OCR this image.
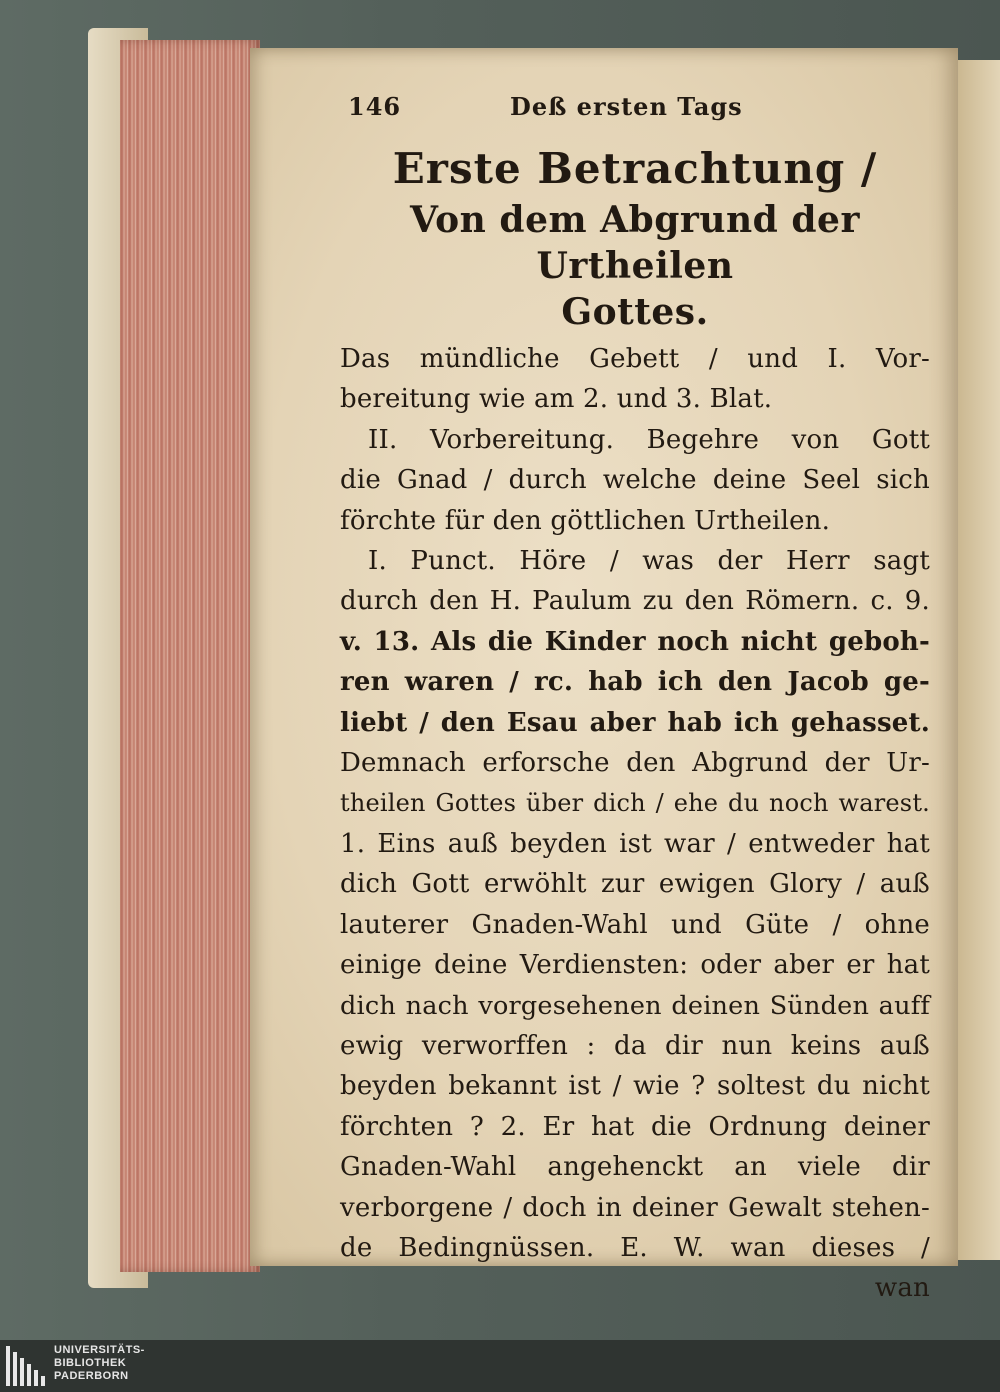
146	Deß ersten Tags
Erste Betrachtung /
Von dem Abgrund der Urtheilen
Gottes.
Das mündliche Gebett / und I. Vor-
bereitung wie am 2. und 3. Blat.
II. Vorbereitung. Begehre von Gott
die Gnad / durch welche deine Seel sich
förchte für den göttlichen Urtheilen.
I. Punct. Höre / was der Herr sagt
durch den H. Paulum zu den Römern. c. 9.
v. 13. Als die Kinder noch nicht geboh-
ren waren / rc. hab ich den Jacob ge-
liebt / den Esau aber hab ich gehasset.
Demnach erforsche den Abgrund der Ur-
theilen Gottes über dich / ehe du noch warest.
1. Eins auß beyden ist war / entweder hat
dich Gott erwöhlt zur ewigen Glory / auß
lauterer Gnaden-Wahl und Güte / ohne
einige deine Verdiensten: oder aber er hat
dich nach vorgesehenen deinen Sünden auff
ewig verworffen : da dir nun keins auß
beyden bekannt ist / wie ? soltest du nicht
förchten ? 2. Er hat die Ordnung deiner
Gnaden-Wahl angehenckt an viele dir
verborgene / doch in deiner Gewalt stehen-
de Bedingnüssen. E. W. wan dieses /
wan
UNIVERSITÄTS-
BIBLIOTHEK
PADERBORN
